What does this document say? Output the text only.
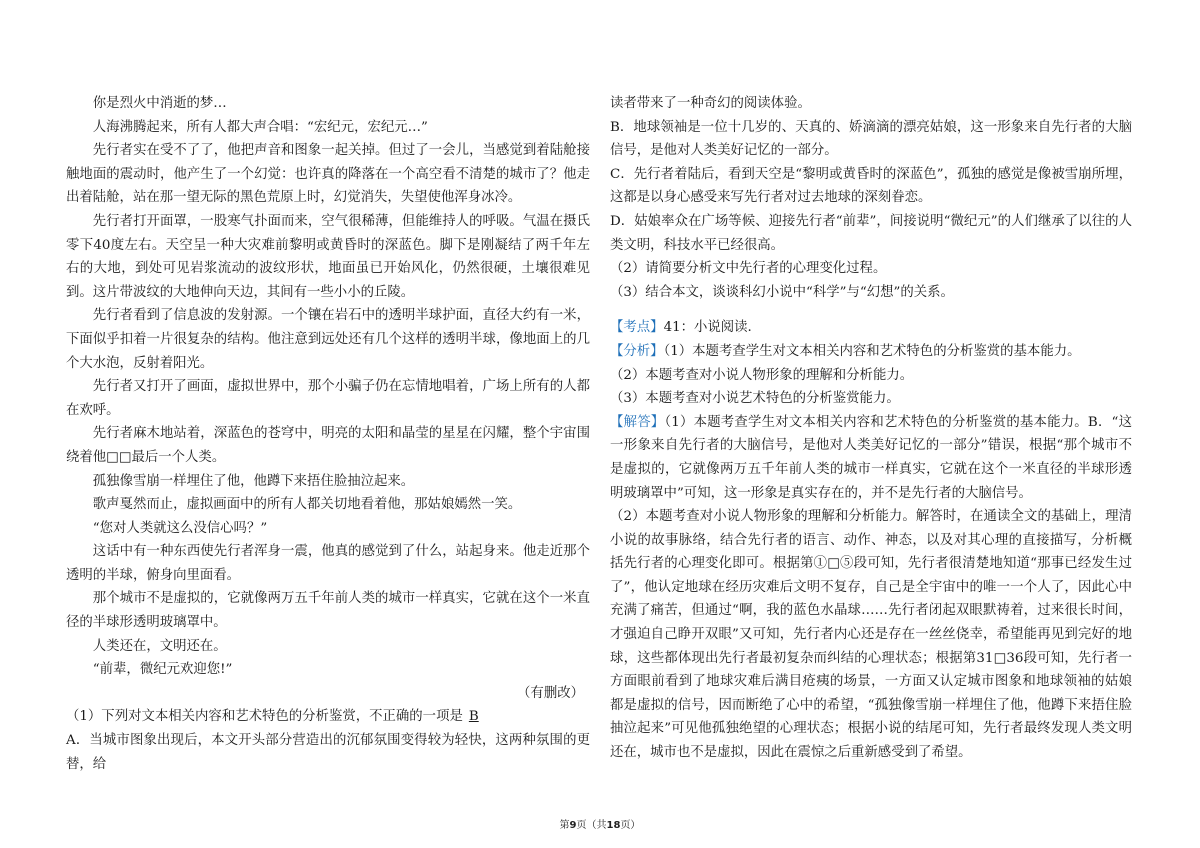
你是烈火中消逝的梦…

人海沸腾起来，所有人都大声合唱：“宏纪元，宏纪元…”

先行者实在受不了了，他把声音和图象一起关掉。但过了一会儿，当感觉到着陆舱接触地面的震动时，他产生了一个幻觉：也许真的降落在一个高空看不清楚的城市了？他走出着陆舱，站在那一望无际的黑色荒原上时，幻觉消失，失望使他浑身冰冷。

先行者打开面罩，一股寒气扑面而来，空气很稀薄，但能维持人的呼吸。气温在摄氏零下40度左右。天空呈一种大灾难前黎明或黄昏时的深蓝色。脚下是刚凝结了两千年左右的大地，到处可见岩浆流动的波纹形状，地面虽已开始风化，仍然很硬，土壤很难见到。这片带波纹的大地伸向天边，其间有一些小小的丘陵。

先行者看到了信息波的发射源。一个镶在岩石中的透明半球护面，直径大约有一米，下面似乎扣着一片很复杂的结构。他注意到远处还有几个这样的透明半球，像地面上的几个大水泡，反射着阳光。

先行者又打开了画面，虚拟世界中，那个小骗子仍在忘情地唱着，广场上所有的人都在欢呼。

先行者麻木地站着，深蓝色的苍穹中，明亮的太阳和晶莹的星星在闪耀，整个宇宙围绕着他□□最后一个人类。

孤独像雪崩一样埋住了他，他蹲下来捂住脸抽泣起来。

歌声戛然而止，虚拟画面中的所有人都关切地看着他，那姑娘嫣然一笑。

“您对人类就这么没信心吗？”

这话中有一种东西使先行者浑身一震，他真的感觉到了什么，站起身来。他走近那个透明的半球，俯身向里面看。

那个城市不是虚拟的，它就像两万五千年前人类的城市一样真实，它就在这个一米直径的半球形透明玻璃罩中。

人类还在，文明还在。

“前辈，微纪元欢迎您!”

（有删改）

（1）下列对文本相关内容和艺术特色的分析鉴赏，不正确的一项是 B

A．当城市图象出现后，本文开头部分营造出的沉郁氛围变得较为轻快，这两种氛围的更替，给

读者带来了一种奇幻的阅读体验。

B．地球领袖是一位十几岁的、天真的、娇滴滴的漂亮姑娘，这一形象来自先行者的大脑信号，是他对人类美好记忆的一部分。

C．先行者着陆后，看到天空是“黎明或黄昏时的深蓝色”，孤独的感觉是像被雪崩所埋，这都是以身心感受来写先行者对过去地球的深刻眷恋。

D．姑娘率众在广场等候、迎接先行者“前辈”，间接说明“微纪元”的人们继承了以往的人类文明，科技水平已经很高。

（2）请简要分析文中先行者的心理变化过程。

（3）结合本文，谈谈科幻小说中“科学”与“幻想”的关系。

【考点】41：小说阅读.

【分析】（1）本题考查学生对文本相关内容和艺术特色的分析鉴赏的基本能力。

（2）本题考查对小说人物形象的理解和分析能力。

（3）本题考查对小说艺术特色的分析鉴赏能力。

【解答】（1）本题考查学生对文本相关内容和艺术特色的分析鉴赏的基本能力。B．“这一形象来自先行者的大脑信号，是他对人类美好记忆的一部分”错误，根据“那个城市不是虚拟的，它就像两万五千年前人类的城市一样真实，它就在这个一米直径的半球形透明玻璃罩中”可知，这一形象是真实存在的，并不是先行者的大脑信号。

（2）本题考查对小说人物形象的理解和分析能力。解答时，在通读全文的基础上，理清小说的故事脉络，结合先行者的语言、动作、神态，以及对其心理的直接描写，分析概括先行者的心理变化即可。根据第①□⑤段可知，先行者很清楚地知道“那事已经发生过了”，他认定地球在经历灾难后文明不复存，自己是全宇宙中的唯一一个人了，因此心中充满了痛苦，但通过“啊，我的蓝色水晶球……先行者闭起双眼默祷着，过来很长时间，才强迫自己睁开双眼”又可知，先行者内心还是存在一丝丝侥幸，希望能再见到完好的地球，这些都体现出先行者最初复杂而纠结的心理状态；根据第31□36段可知，先行者一方面眼前看到了地球灾难后满目疮痍的场景，一方面又认定城市图象和地球领袖的姑娘都是虚拟的信号，因而断绝了心中的希望，“孤独像雪崩一样埋住了他，他蹲下来捂住脸抽泣起来”可见他孤独绝望的心理状态；根据小说的结尾可知，先行者最终发现人类文明还在，城市也不是虚拟，因此在震惊之后重新感受到了希望。

第9页（共18页）
